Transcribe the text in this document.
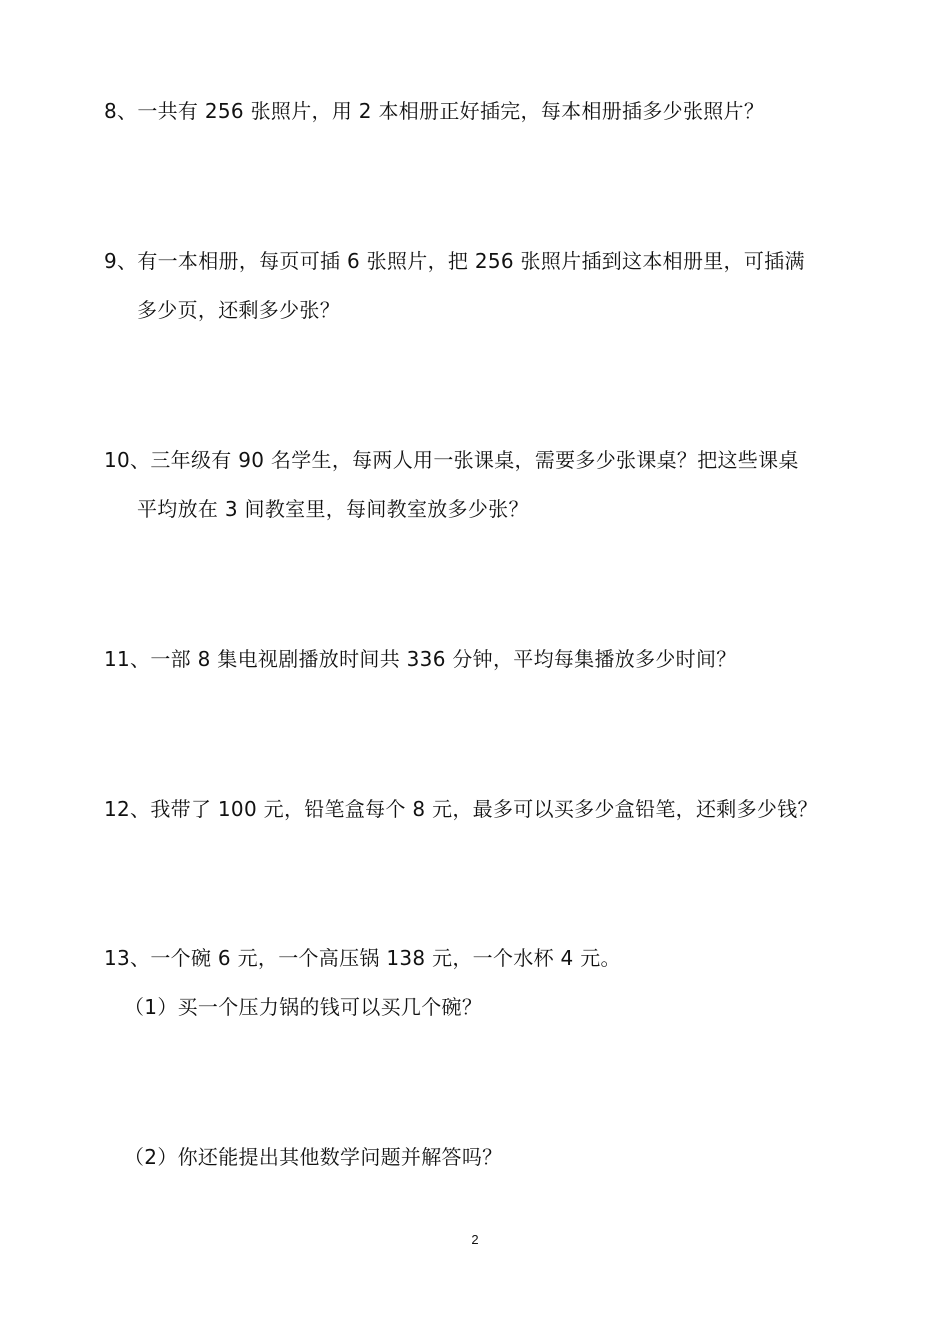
8、一共有 256 张照片，用 2 本相册正好插完，每本相册插多少张照片？
9、有一本相册，每页可插 6 张照片，把 256 张照片插到这本相册里，可插满
多少页，还剩多少张？
10、三年级有 90 名学生，每两人用一张课桌，需要多少张课桌？把这些课桌
平均放在 3 间教室里，每间教室放多少张？
11、一部 8 集电视剧播放时间共 336 分钟，平均每集播放多少时间？
12、我带了 100 元，铅笔盒每个 8 元，最多可以买多少盒铅笔，还剩多少钱？
13、一个碗 6 元，一个高压锅 138 元，一个水杯 4 元。
（1）买一个压力锅的钱可以买几个碗？
（2）你还能提出其他数学问题并解答吗？
2
